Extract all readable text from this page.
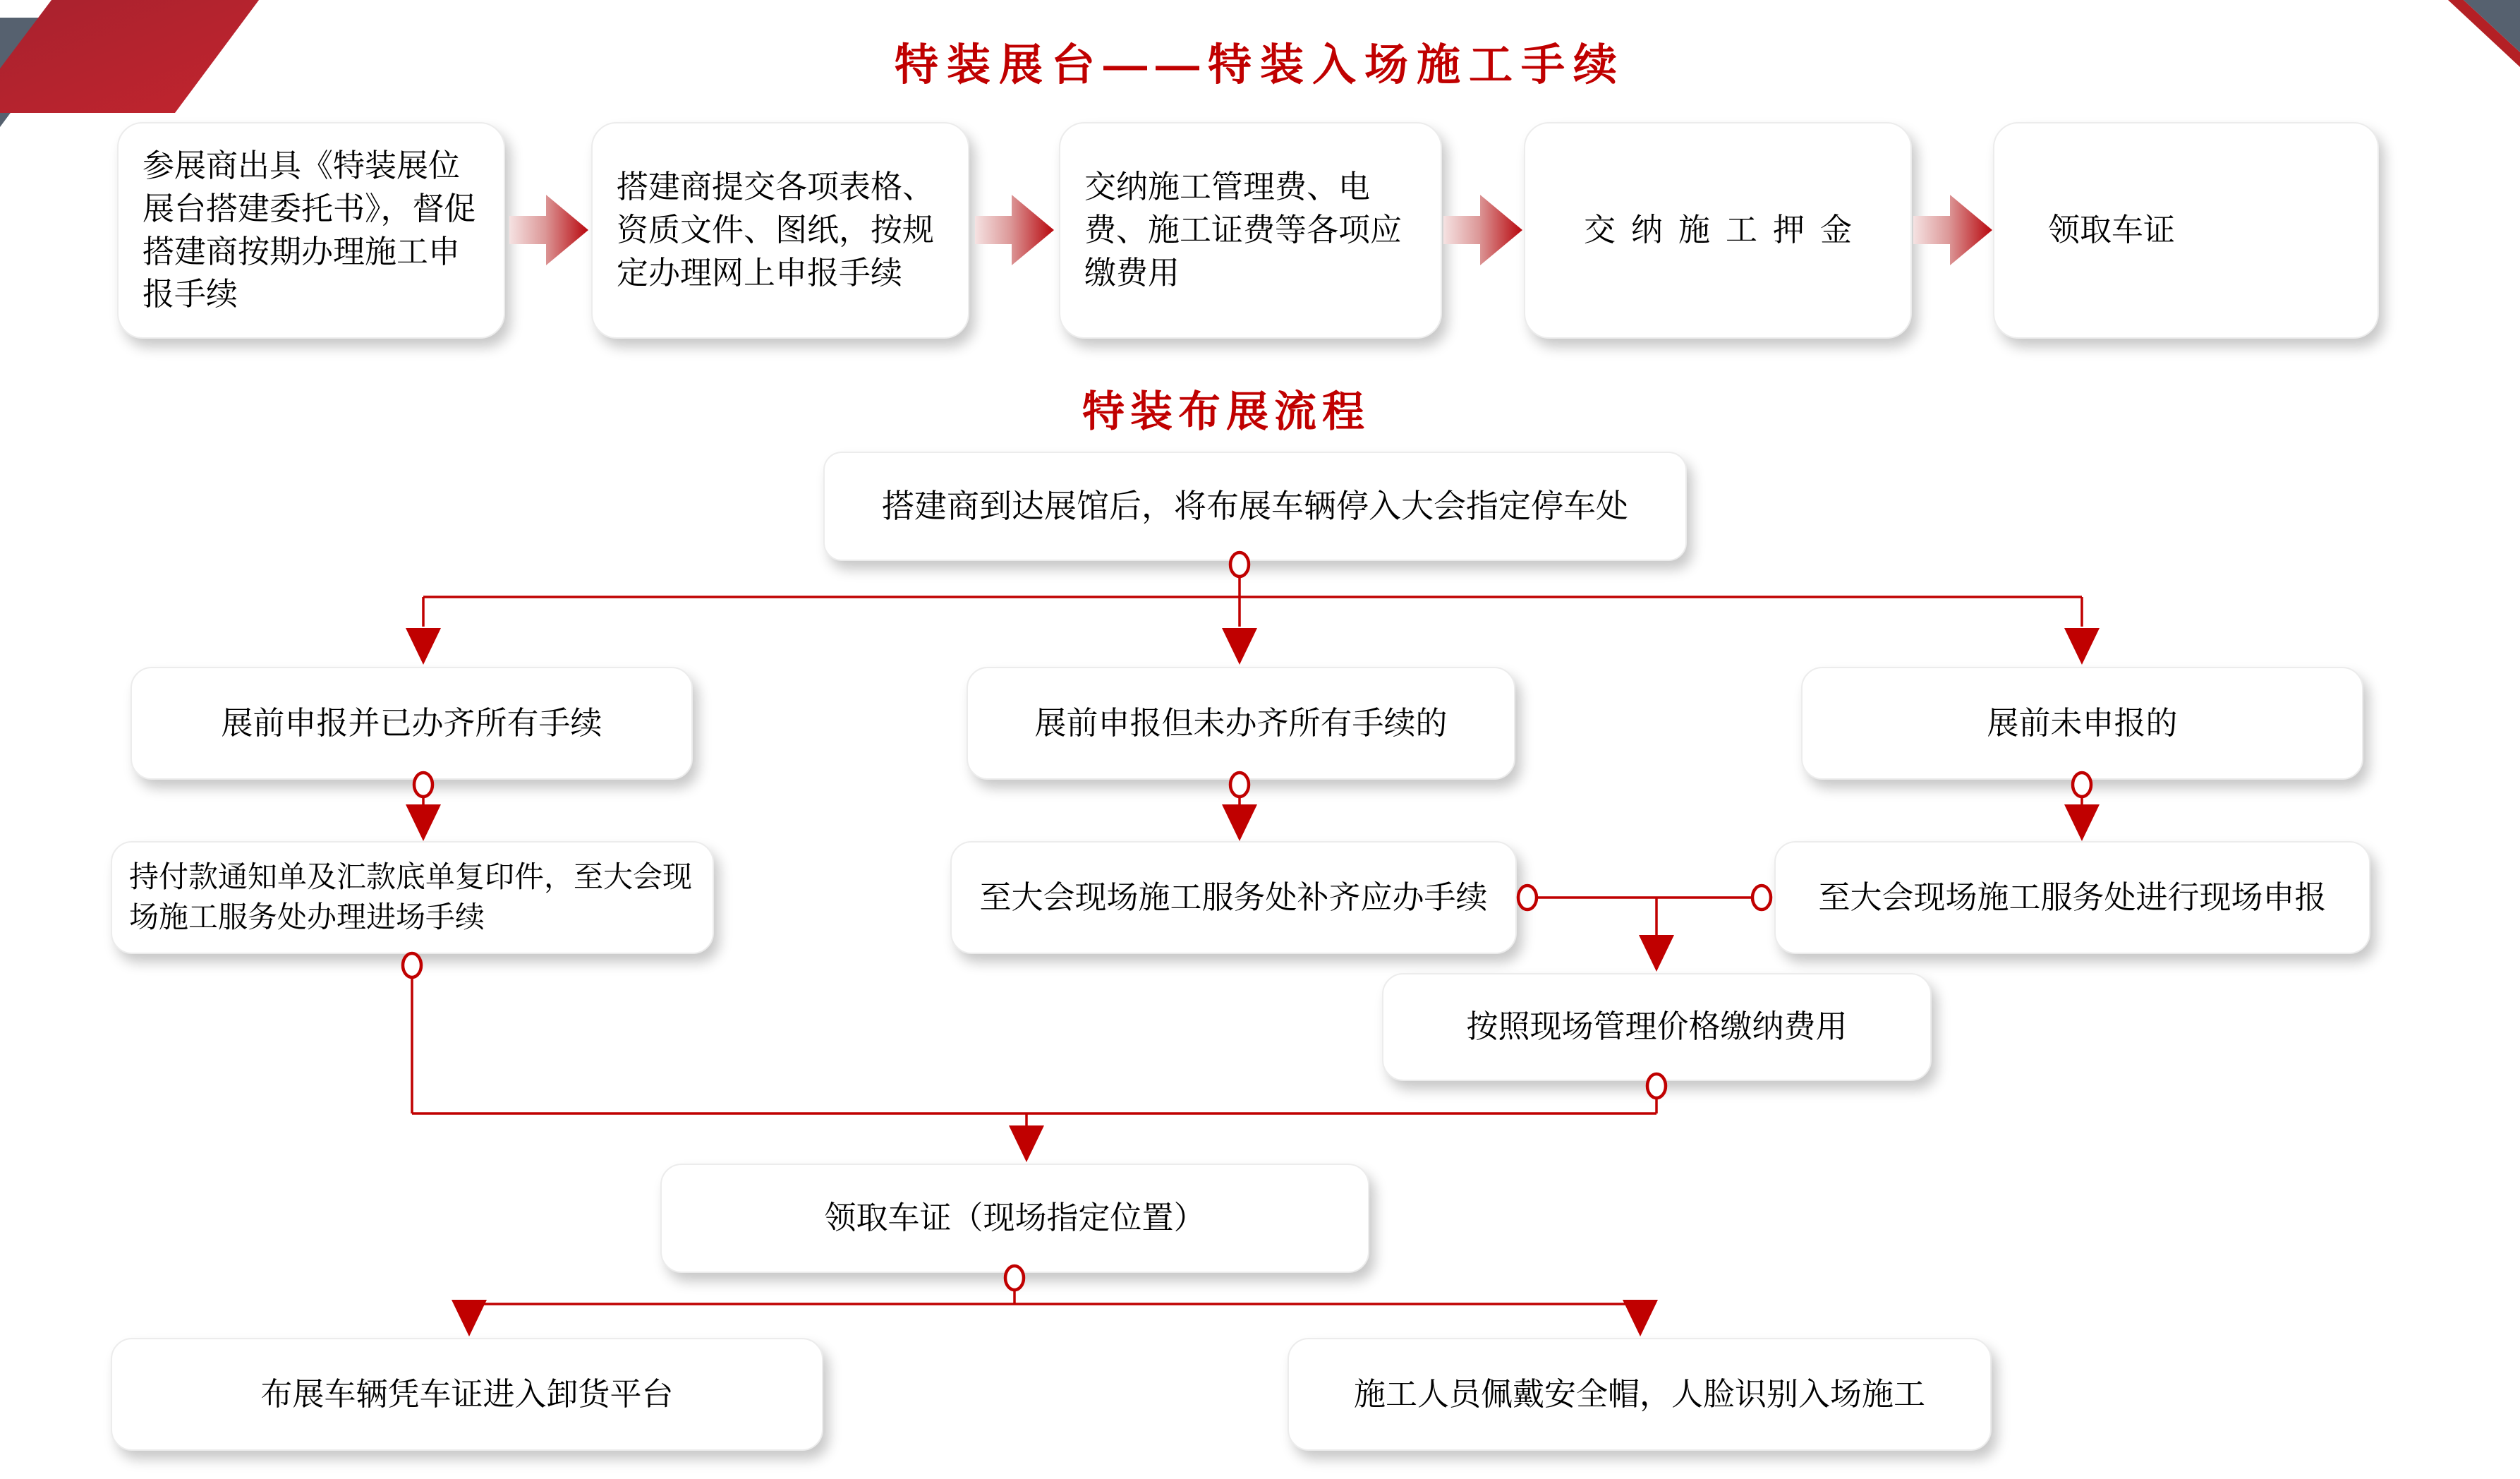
特装展台——特装入场施工手续
特装布展流程
参展商出具《特装展位展台搭建委托书》，督促搭建商按期办理施工申报手续
搭建商提交各项表格、资质文件、图纸，按规定办理网上申报手续
交纳施工管理费、电费、施工证费等各项应缴费用
交纳施工押金	领取车证
搭建商到达展馆后，将布展车辆停入大会指定停车处
展前申报并已办齐所有手续	展前申报但未办齐所有手续的	展前未申报的
持付款通知单及汇款底单复印件，至大会现场施工服务处办理进场手续
至大会现场施工服务处补齐应办手续	至大会现场施工服务处进行现场申报
按照现场管理价格缴纳费用
领取车证（现场指定位置）
布展车辆凭车证进入卸货平台	施工人员佩戴安全帽，人脸识别入场施工
